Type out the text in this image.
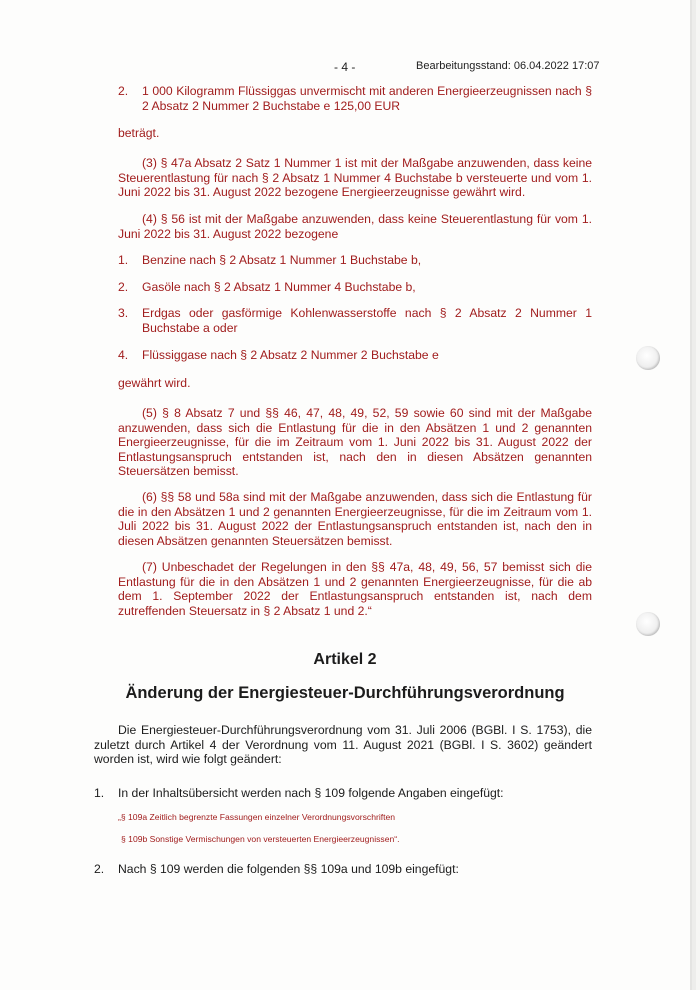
- 4 -	Bearbeitungsstand: 06.04.2022 17:07
2. 1 000 Kilogramm Flüssiggas unvermischt mit anderen Energieerzeugnissen nach § 2 Absatz 2 Nummer 2 Buchstabe e 125,00 EUR
beträgt.
(3) § 47a Absatz 2 Satz 1 Nummer 1 ist mit der Maßgabe anzuwenden, dass keine Steuerentlastung für nach § 2 Absatz 1 Nummer 4 Buchstabe b versteuerte und vom 1. Juni 2022 bis 31. August 2022 bezogene Energieerzeugnisse gewährt wird.
(4) § 56 ist mit der Maßgabe anzuwenden, dass keine Steuerentlastung für vom 1. Juni 2022 bis 31. August 2022 bezogene
1. Benzine nach § 2 Absatz 1 Nummer 1 Buchstabe b,
2. Gasöle nach § 2 Absatz 1 Nummer 4 Buchstabe b,
3. Erdgas oder gasförmige Kohlenwasserstoffe nach § 2 Absatz 2 Nummer 1 Buchstabe a oder
4. Flüssiggase nach § 2 Absatz 2 Nummer 2 Buchstabe e
gewährt wird.
(5) § 8 Absatz 7 und §§ 46, 47, 48, 49, 52, 59 sowie 60 sind mit der Maßgabe anzuwenden, dass sich die Entlastung für die in den Absätzen 1 und 2 genannten Energieerzeugnisse, für die im Zeitraum vom 1. Juni 2022 bis 31. August 2022 der Entlastungsanspruch entstanden ist, nach den in diesen Absätzen genannten Steuersätzen bemisst.
(6) §§ 58 und 58a sind mit der Maßgabe anzuwenden, dass sich die Entlastung für die in den Absätzen 1 und 2 genannten Energieerzeugnisse, für die im Zeitraum vom 1. Juli 2022 bis 31. August 2022 der Entlastungsanspruch entstanden ist, nach den in diesen Absätzen genannten Steuersätzen bemisst.
(7) Unbeschadet der Regelungen in den §§ 47a, 48, 49, 56, 57 bemisst sich die Entlastung für die in den Absätzen 1 und 2 genannten Energieerzeugnisse, für die ab dem 1. September 2022 der Entlastungsanspruch entstanden ist, nach dem zutreffenden Steuersatz in § 2 Absatz 1 und 2.“
Artikel 2
Änderung der Energiesteuer-Durchführungsverordnung
Die Energiesteuer-Durchführungsverordnung vom 31. Juli 2006 (BGBl. I S. 1753), die zuletzt durch Artikel 4 der Verordnung vom 11. August 2021 (BGBl. I S. 3602) geändert worden ist, wird wie folgt geändert:
1. In der Inhaltsübersicht werden nach § 109 folgende Angaben eingefügt:
„§ 109a Zeitlich begrenzte Fassungen einzelner Verordnungsvorschriften
§ 109b Sonstige Vermischungen von versteuerten Energieerzeugnissen“.
2. Nach § 109 werden die folgenden §§ 109a und 109b eingefügt:
